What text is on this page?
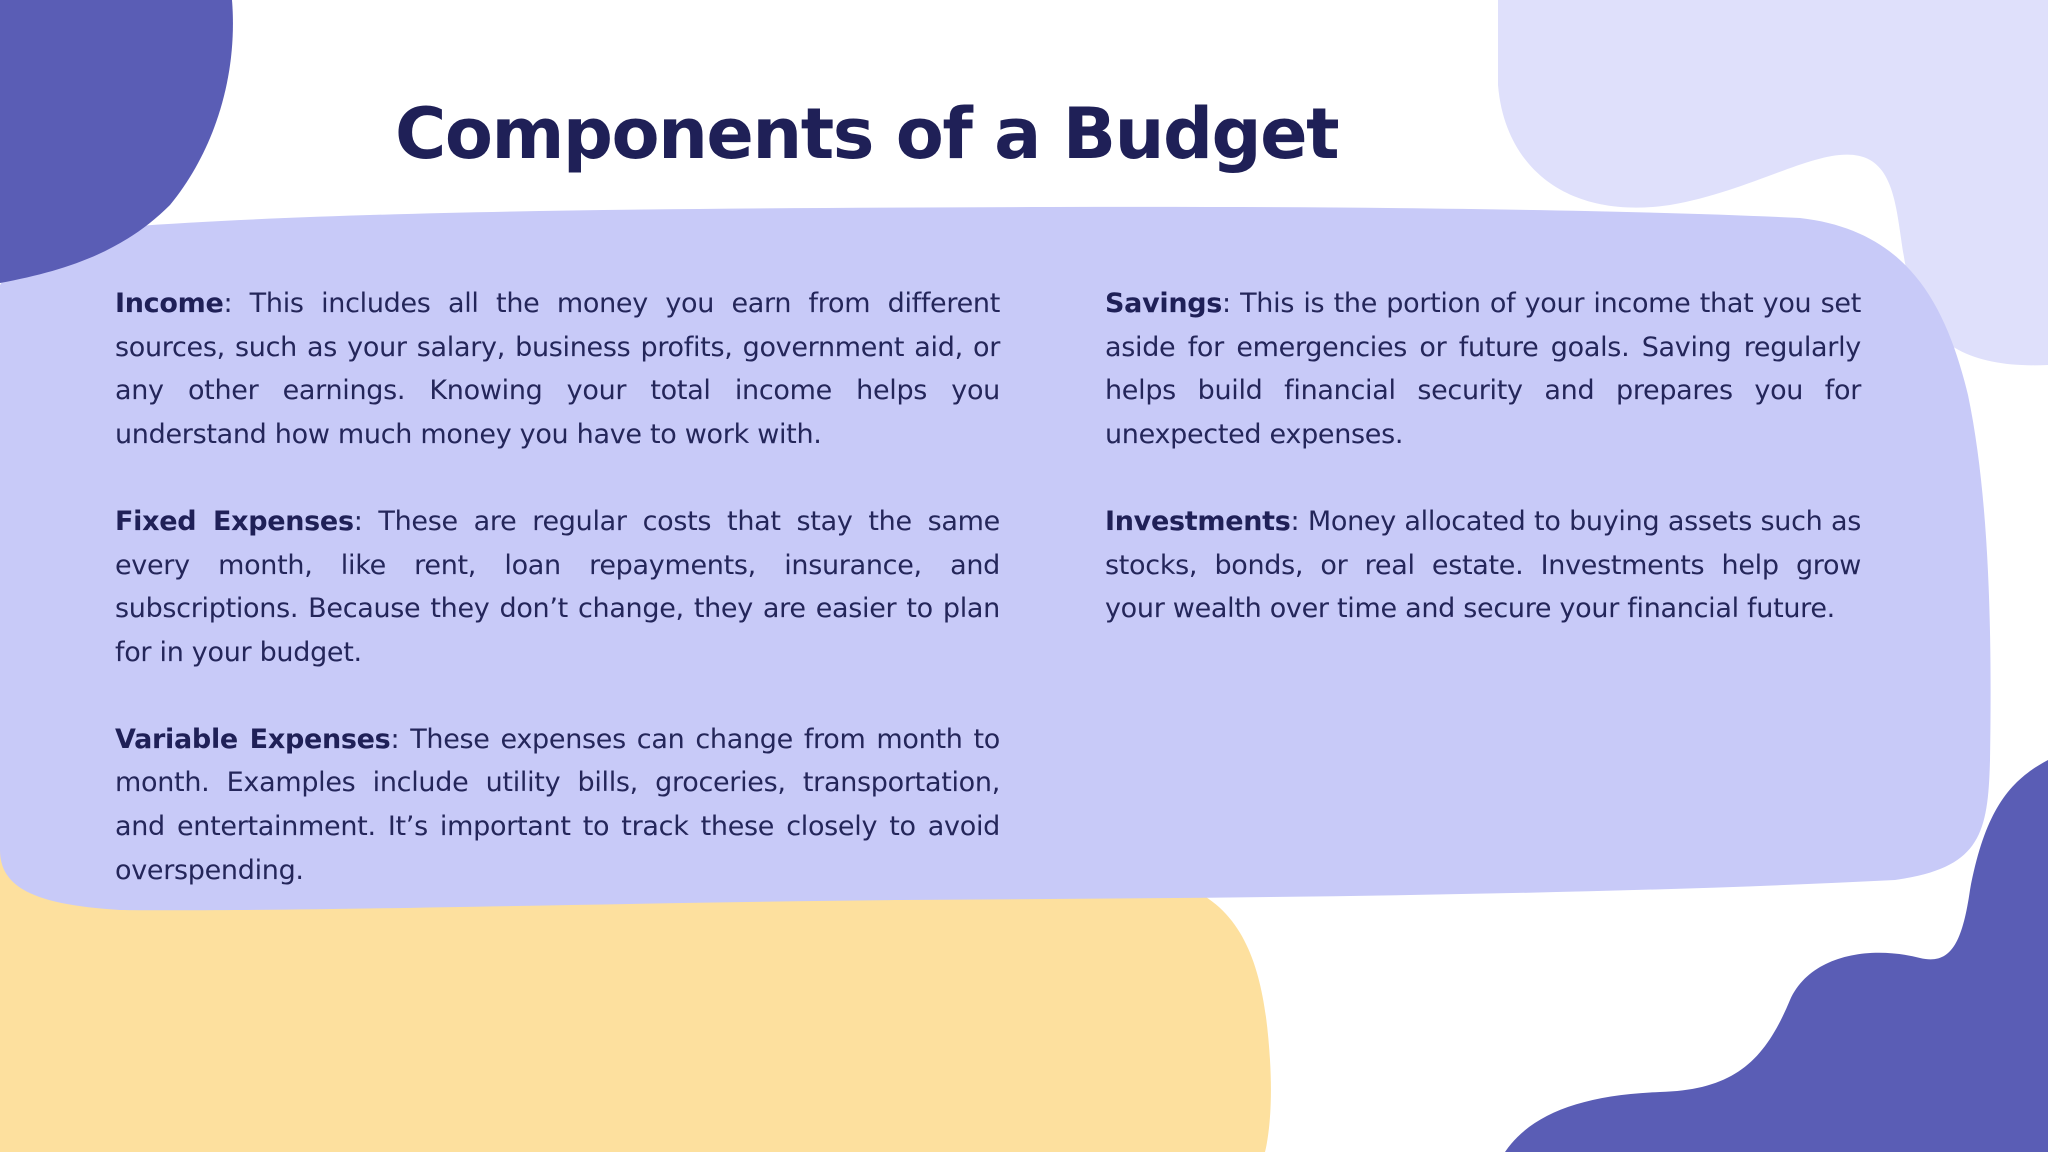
Components of a Budget

Income: This includes all the money you earn from different sources, such as your salary, business profits, government aid, or any other earnings. Knowing your total income helps you understand how much money you have to work with.

Fixed Expenses: These are regular costs that stay the same every month, like rent, loan repayments, insurance, and subscriptions. Because they don’t change, they are easier to plan for in your budget.

Variable Expenses: These expenses can change from month to month. Examples include utility bills, groceries, transportation, and entertainment. It’s important to track these closely to avoid overspending.

Savings: This is the portion of your income that you set aside for emergencies or future goals. Saving regularly helps build financial security and prepares you for unexpected expenses.

Investments: Money allocated to buying assets such as stocks, bonds, or real estate. Investments help grow your wealth over time and secure your financial future.
